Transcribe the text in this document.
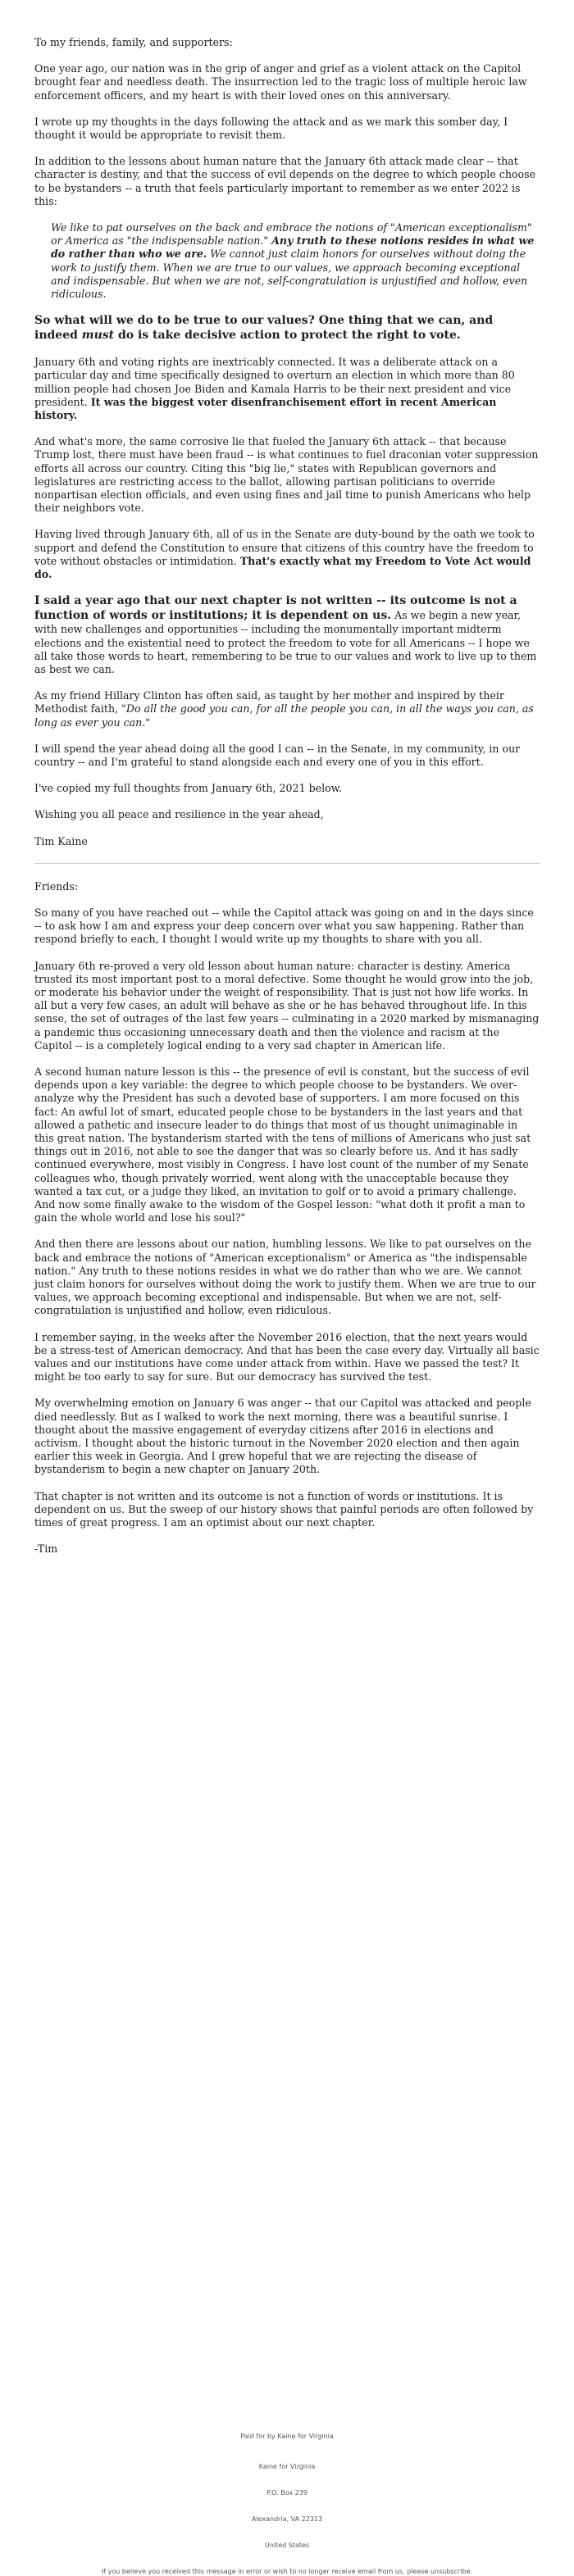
To my friends, family, and supporters:

One year ago, our nation was in the grip of anger and grief as a violent attack on the Capitol brought fear and needless death. The insurrection led to the tragic loss of multiple heroic law enforcement officers, and my heart is with their loved ones on this anniversary.

I wrote up my thoughts in the days following the attack and as we mark this somber day, I thought it would be appropriate to revisit them.

In addition to the lessons about human nature that the January 6th attack made clear -- that character is destiny, and that the success of evil depends on the degree to which people choose to be bystanders -- a truth that feels particularly important to remember as we enter 2022 is this:

We like to pat ourselves on the back and embrace the notions of "American exceptionalism" or America as "the indispensable nation." Any truth to these notions resides in what we do rather than who we are. We cannot just claim honors for ourselves without doing the work to justify them. When we are true to our values, we approach becoming exceptional and indispensable. But when we are not, self-congratulation is unjustified and hollow, even ridiculous.

So what will we do to be true to our values? One thing that we can, and indeed must do is take decisive action to protect the right to vote.

January 6th and voting rights are inextricably connected. It was a deliberate attack on a particular day and time specifically designed to overturn an election in which more than 80 million people had chosen Joe Biden and Kamala Harris to be their next president and vice president. It was the biggest voter disenfranchisement effort in recent American history.

And what's more, the same corrosive lie that fueled the January 6th attack -- that because Trump lost, there must have been fraud -- is what continues to fuel draconian voter suppression efforts all across our country. Citing this "big lie," states with Republican governors and legislatures are restricting access to the ballot, allowing partisan politicians to override nonpartisan election officials, and even using fines and jail time to punish Americans who help their neighbors vote.

Having lived through January 6th, all of us in the Senate are duty-bound by the oath we took to support and defend the Constitution to ensure that citizens of this country have the freedom to vote without obstacles or intimidation. That's exactly what my Freedom to Vote Act would do.

I said a year ago that our next chapter is not written -- its outcome is not a function of words or institutions; it is dependent on us. As we begin a new year, with new challenges and opportunities -- including the monumentally important midterm elections and the existential need to protect the freedom to vote for all Americans -- I hope we all take those words to heart, remembering to be true to our values and work to live up to them as best we can.

As my friend Hillary Clinton has often said, as taught by her mother and inspired by their Methodist faith, "Do all the good you can, for all the people you can, in all the ways you can, as long as ever you can."

I will spend the year ahead doing all the good I can -- in the Senate, in my community, in our country -- and I'm grateful to stand alongside each and every one of you in this effort.

I've copied my full thoughts from January 6th, 2021 below.

Wishing you all peace and resilience in the year ahead,

Tim Kaine

Friends:

So many of you have reached out -- while the Capitol attack was going on and in the days since -- to ask how I am and express your deep concern over what you saw happening. Rather than respond briefly to each, I thought I would write up my thoughts to share with you all.

January 6th re-proved a very old lesson about human nature: character is destiny. America trusted its most important post to a moral defective. Some thought he would grow into the job, or moderate his behavior under the weight of responsibility. That is just not how life works. In all but a very few cases, an adult will behave as she or he has behaved throughout life. In this sense, the set of outrages of the last few years -- culminating in a 2020 marked by mismanaging a pandemic thus occasioning unnecessary death and then the violence and racism at the Capitol -- is a completely logical ending to a very sad chapter in American life.

A second human nature lesson is this -- the presence of evil is constant, but the success of evil depends upon a key variable: the degree to which people choose to be bystanders. We over-analyze why the President has such a devoted base of supporters. I am more focused on this fact: An awful lot of smart, educated people chose to be bystanders in the last years and that allowed a pathetic and insecure leader to do things that most of us thought unimaginable in this great nation. The bystanderism started with the tens of millions of Americans who just sat things out in 2016, not able to see the danger that was so clearly before us. And it has sadly continued everywhere, most visibly in Congress. I have lost count of the number of my Senate colleagues who, though privately worried, went along with the unacceptable because they wanted a tax cut, or a judge they liked, an invitation to golf or to avoid a primary challenge. And now some finally awake to the wisdom of the Gospel lesson: "what doth it profit a man to gain the whole world and lose his soul?"

And then there are lessons about our nation, humbling lessons. We like to pat ourselves on the back and embrace the notions of "American exceptionalism" or America as "the indispensable nation." Any truth to these notions resides in what we do rather than who we are. We cannot just claim honors for ourselves without doing the work to justify them. When we are true to our values, we approach becoming exceptional and indispensable. But when we are not, self-congratulation is unjustified and hollow, even ridiculous.

I remember saying, in the weeks after the November 2016 election, that the next years would be a stress-test of American democracy. And that has been the case every day. Virtually all basic values and our institutions have come under attack from within. Have we passed the test? It might be too early to say for sure. But our democracy has survived the test.

My overwhelming emotion on January 6 was anger -- that our Capitol was attacked and people died needlessly. But as I walked to work the next morning, there was a beautiful sunrise. I thought about the massive engagement of everyday citizens after 2016 in elections and activism. I thought about the historic turnout in the November 2020 election and then again earlier this week in Georgia. And I grew hopeful that we are rejecting the disease of bystanderism to begin a new chapter on January 20th.

That chapter is not written and its outcome is not a function of words or institutions. It is dependent on us. But the sweep of our history shows that painful periods are often followed by times of great progress. I am an optimist about our next chapter.

-Tim

Paid for by Kaine for Virginia
Kaine for Virginia
P.O. Box 239
Alexandria, VA 22313
United States
If you believe you received this message in error or wish to no longer receive email from us, please unsubscribe.
